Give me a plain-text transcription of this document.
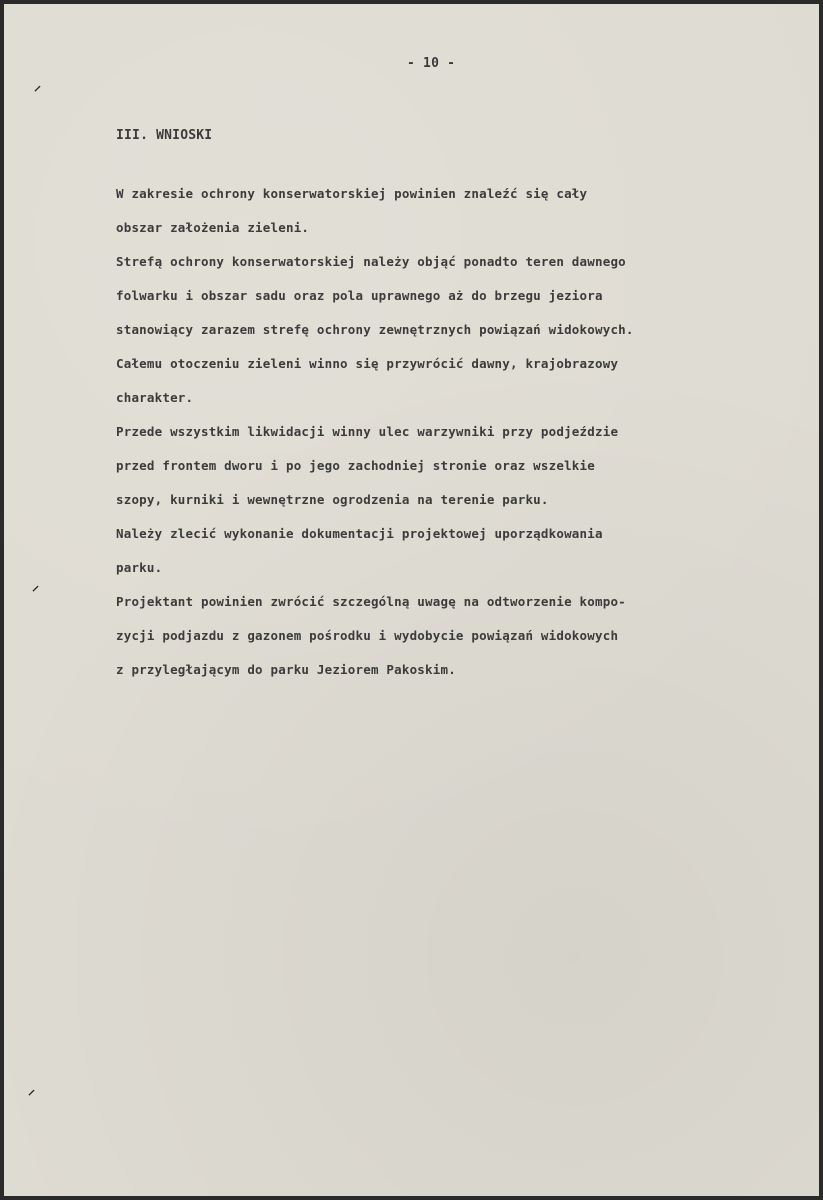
- 10 -
⸍
⸍
⸍
III. WNIOSKI
W zakresie ochrony konserwatorskiej powinien znaleźć się cały
obszar założenia zieleni.
Strefą ochrony konserwatorskiej należy objąć ponadto teren dawnego
folwarku i obszar sadu oraz pola uprawnego aż do brzegu jeziora
stanowiący zarazem strefę ochrony zewnętrznych powiązań widokowych.
Całemu otoczeniu zieleni winno się przywrócić dawny, krajobrazowy
charakter.
Przede wszystkim likwidacji winny ulec warzywniki przy podjeździe
przed frontem dworu i po jego zachodniej stronie oraz wszelkie
szopy, kurniki i wewnętrzne ogrodzenia na terenie parku.
Należy zlecić wykonanie dokumentacji projektowej uporządkowania
parku.
Projektant powinien zwrócić szczególną uwagę na odtworzenie kompo-
zycji podjazdu z gazonem pośrodku i wydobycie powiązań widokowych
z przyległającym do parku Jeziorem Pakoskim.
